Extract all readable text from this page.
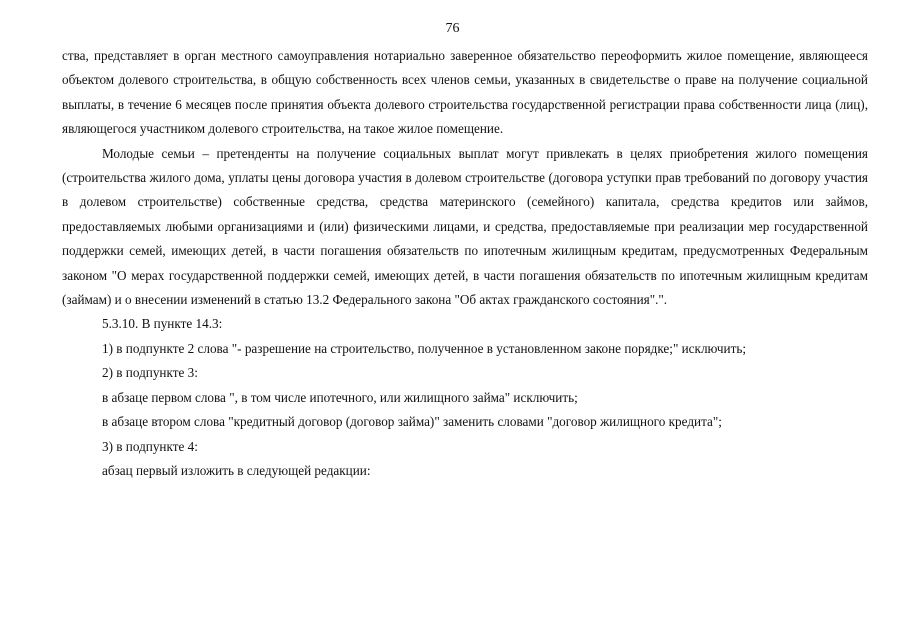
76

ства, представляет в орган местного самоуправления нотариально заверенное обязательство переоформить жилое помещение, являющееся объектом долевого строительства, в общую собственность всех членов семьи, указанных в свидетельстве о праве на получение социальной выплаты, в течение 6 месяцев после принятия объекта долевого строительства государственной регистрации права собственности лица (лиц), являющегося участником долевого строительства, на такое жилое помещение.

Молодые семьи – претенденты на получение социальных выплат могут привлекать в целях приобретения жилого помещения (строительства жилого дома, уплаты цены договора участия в долевом строительстве (договора уступки прав требований по договору участия в долевом строительстве) собственные средства, средства материнского (семейного) капитала, средства кредитов или займов, предоставляемых любыми организациями и (или) физическими лицами, и средства, предоставляемые при реализации мер государственной поддержки семей, имеющих детей, в части погашения обязательств по ипотечным жилищным кредитам, предусмотренных Федеральным законом "О мерах государственной поддержки семей, имеющих детей, в части погашения обязательств по ипотечным жилищным кредитам (займам) и о внесении изменений в статью 13.2 Федерального закона "Об актах гражданского состояния".".

5.3.10. В пункте 14.3:

1) в подпункте 2 слова "- разрешение на строительство, полученное в установленном законе порядке;" исключить;

2) в подпункте 3:

в абзаце первом слова ", в том числе ипотечного, или жилищного займа" исключить;

в абзаце втором слова "кредитный договор (договор займа)" заменить словами "договор жилищного кредита";

3) в подпункте 4:

абзац первый изложить в следующей редакции:
